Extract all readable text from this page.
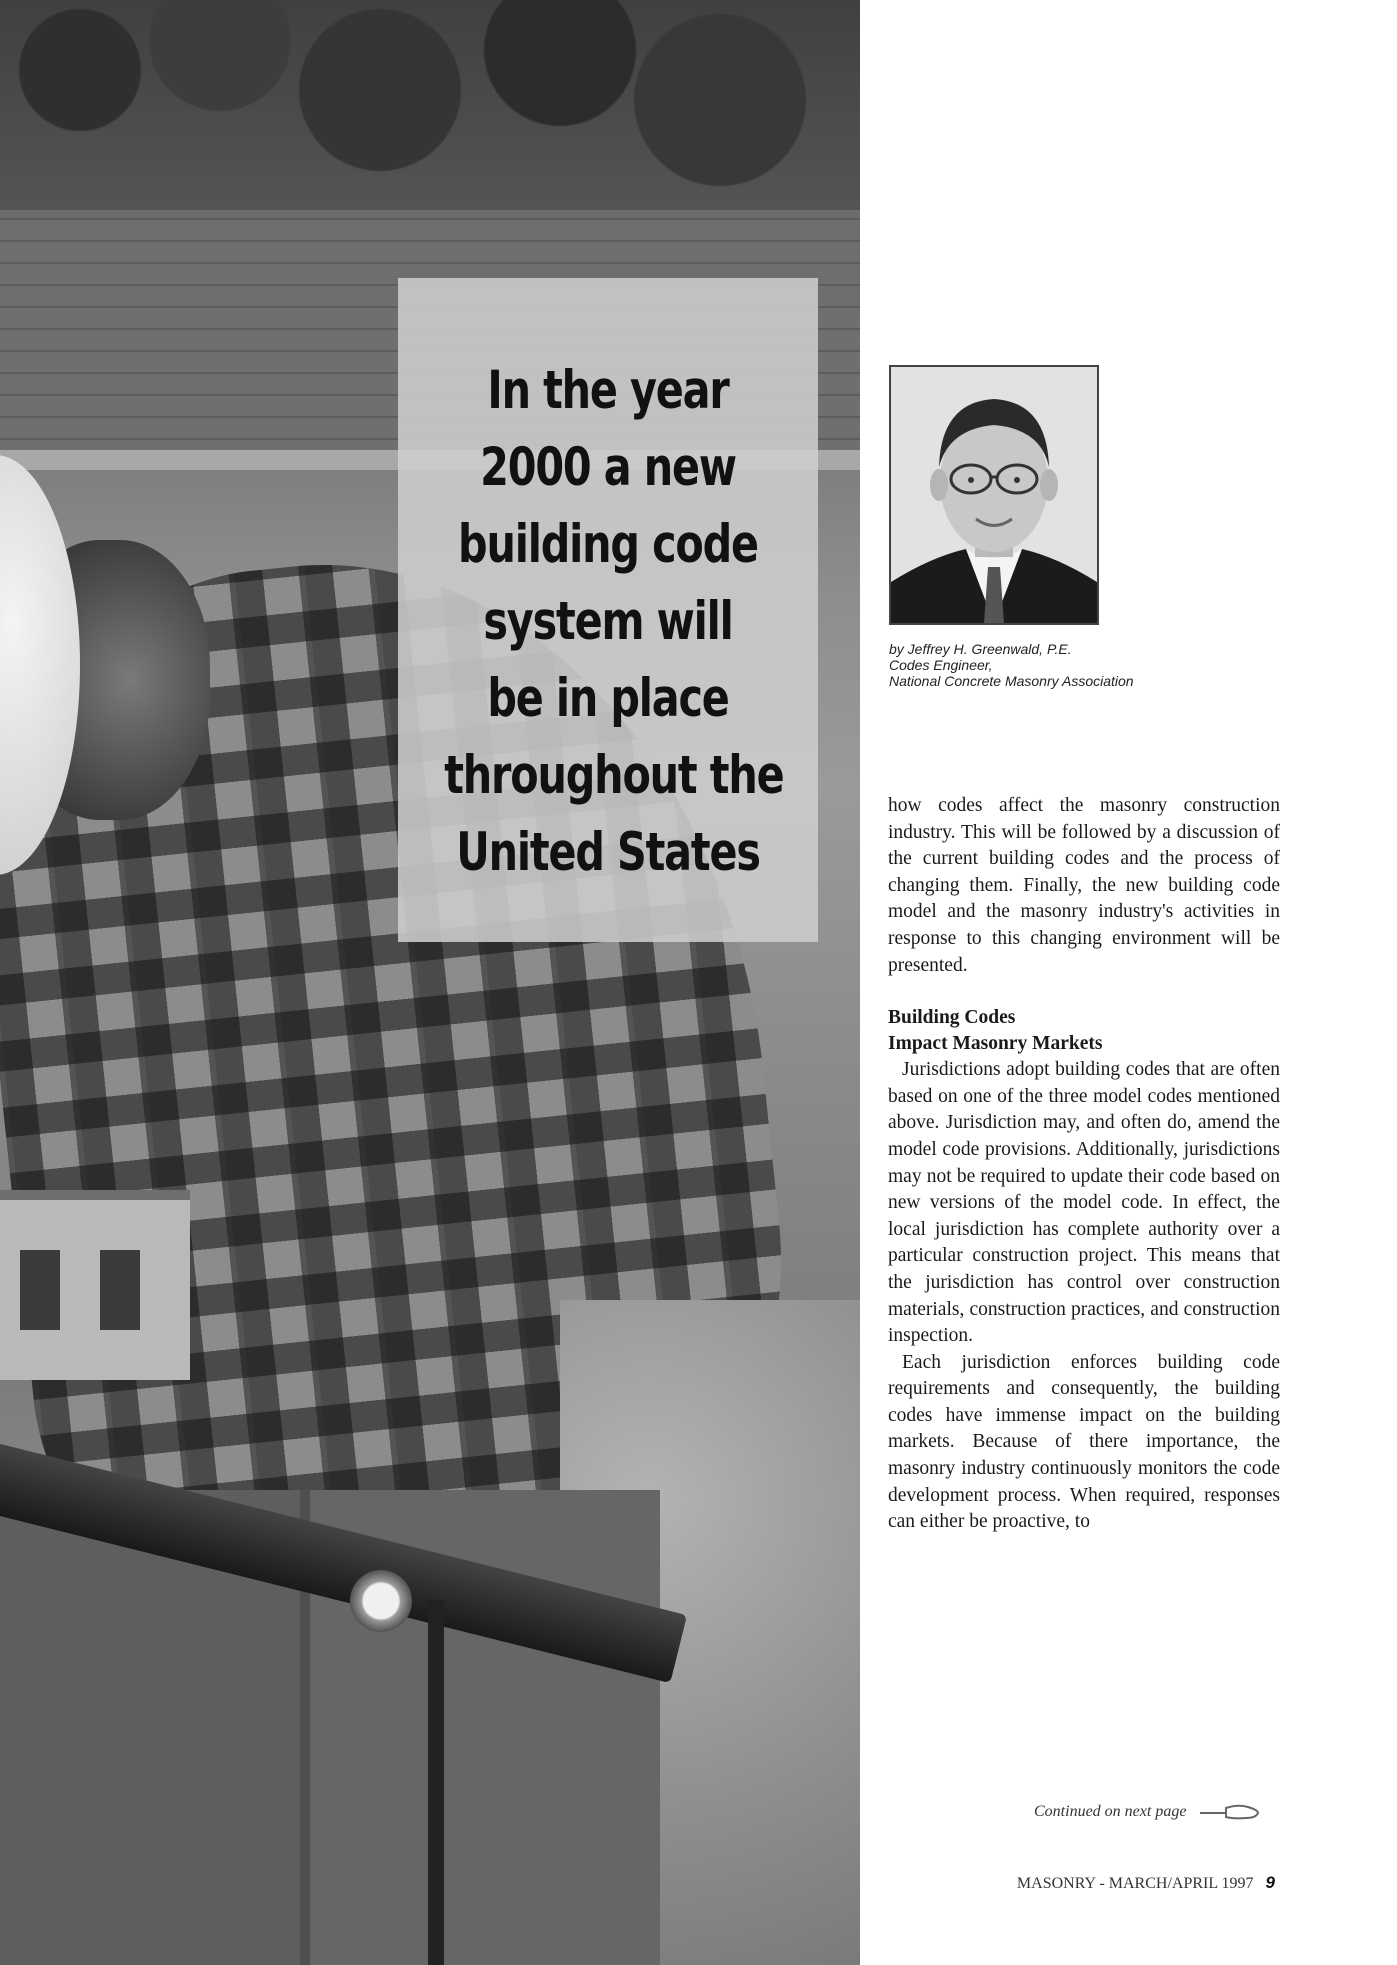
In the year
2000 a new
building code
system will
be in place
throughout the
United States
by Jeffrey H. Greenwald, P.E.
Codes Engineer,
National Concrete Masonry Association

how codes affect the masonry construction industry. This will be followed by a discussion of the current building codes and the process of changing them. Finally, the new building code model and the masonry industry's activities in response to this changing environment will be presented.

Building Codes
Impact Masonry Markets

Jurisdictions adopt building codes that are often based on one of the three model codes mentioned above. Jurisdiction may, and often do, amend the model code provisions. Additionally, jurisdictions may not be required to update their code based on new versions of the model code. In effect, the local jurisdiction has complete authority over a particular construction project. This means that the jurisdiction has control over construction materials, construction practices, and construction inspection.

Each jurisdiction enforces building code requirements and consequently, the building codes have immense impact on the building markets. Because of there importance, the masonry industry continuously monitors the code development process. When required, responses can either be proactive, to

Continued on next page
MASONRY - MARCH/APRIL 1997 9
